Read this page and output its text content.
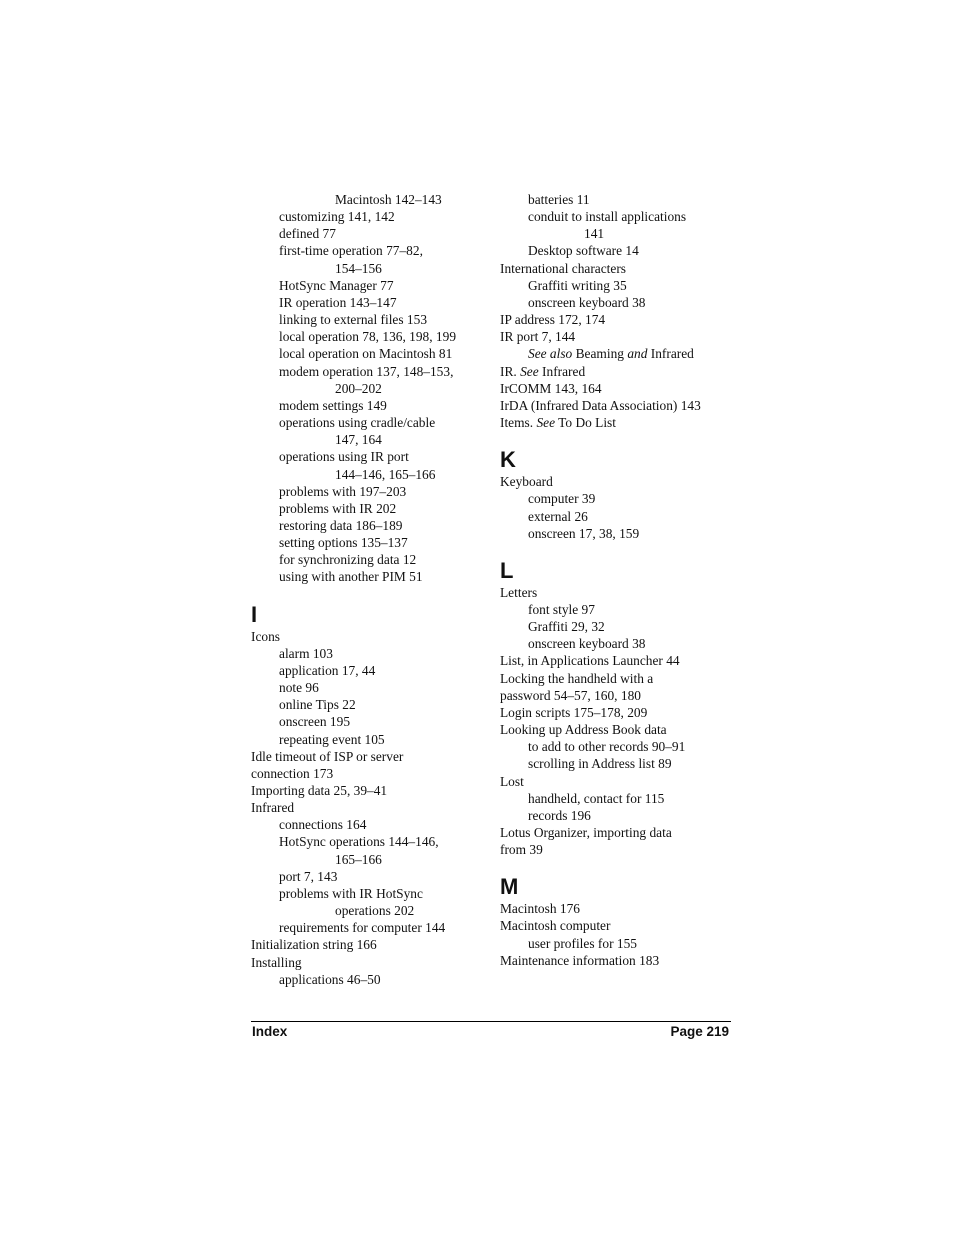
Macintosh 142–143
customizing 141, 142
defined 77
first-time operation 77–82,
154–156
HotSync Manager 77
IR operation 143–147
linking to external files 153
local operation 78, 136, 198, 199
local operation on Macintosh 81
modem operation 137, 148–153,
200–202
modem settings 149
operations using cradle/cable
147, 164
operations using IR port
144–146, 165–166
problems with 197–203
problems with IR 202
restoring data 186–189
setting options 135–137
for synchronizing data 12
using with another PIM 51
I
Icons
alarm 103
application 17, 44
note 96
online Tips 22
onscreen 195
repeating event 105
Idle timeout of ISP or server
connection 173
Importing data 25, 39–41
Infrared
connections 164
HotSync operations 144–146,
165–166
port 7, 143
problems with IR HotSync
operations 202
requirements for computer 144
Initialization string 166
Installing
applications 46–50
batteries 11
conduit to install applications
141
Desktop software 14
International characters
Graffiti writing 35
onscreen keyboard 38
IP address 172, 174
IR port 7, 144
See also Beaming and Infrared
IR. See Infrared
IrCOMM 143, 164
IrDA (Infrared Data Association) 143
Items. See To Do List
K
Keyboard
computer 39
external 26
onscreen 17, 38, 159
L
Letters
font style 97
Graffiti 29, 32
onscreen keyboard 38
List, in Applications Launcher 44
Locking the handheld with a
password 54–57, 160, 180
Login scripts 175–178, 209
Looking up Address Book data
to add to other records 90–91
scrolling in Address list 89
Lost
handheld, contact for 115
records 196
Lotus Organizer, importing data
from 39
M
Macintosh 176
Macintosh computer
user profiles for 155
Maintenance information 183
Index	Page 219
